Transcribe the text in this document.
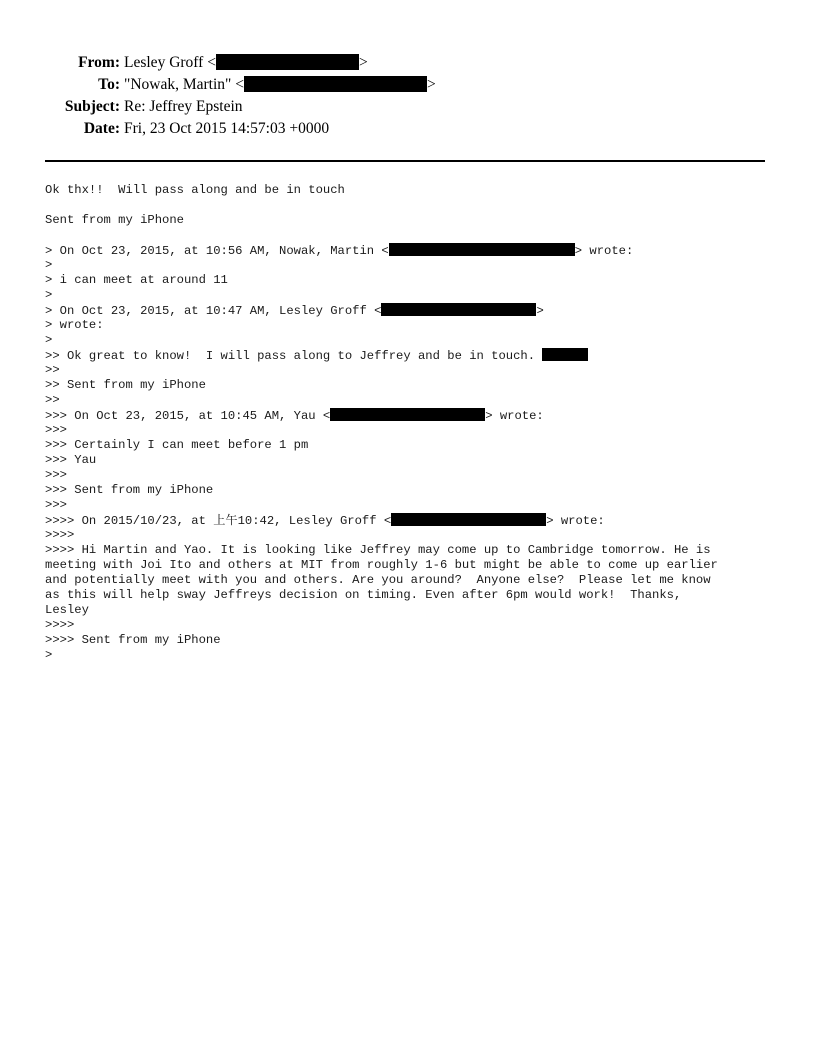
From: Lesley Groff <	>
To: "Nowak, Martin" <	>
Subject: Re: Jeffrey Epstein
Date: Fri, 23 Oct 2015 14:57:03 +0000
Ok thx!!  Will pass along and be in touch
Sent from my iPhone
> On Oct 23, 2015, at 10:56 AM, Nowak, Martin <	> wrote:
>
> i can meet at around 11
>
> On Oct 23, 2015, at 10:47 AM, Lesley Groff <	>
> wrote:
>
>> Ok great to know!  I will pass along to Jeffrey and be in touch.
>>
>> Sent from my iPhone
>>
>>> On Oct 23, 2015, at 10:45 AM, Yau <	> wrote:
>>>
>>> Certainly I can meet before 1 pm
>>> Yau
>>>
>>> Sent from my iPhone
>>>
>>>> On 2015/10/23, at 上午10:42, Lesley Groff <	> wrote:
>>>>
>>>> Hi Martin and Yao. It is looking like Jeffrey may come up to Cambridge tomorrow. He is
meeting with Joi Ito and others at MIT from roughly 1-6 but might be able to come up earlier
and potentially meet with you and others. Are you around?  Anyone else?  Please let me know
as this will help sway Jeffreys decision on timing. Even after 6pm would work!  Thanks,
Lesley
>>>>
>>>> Sent from my iPhone
>
